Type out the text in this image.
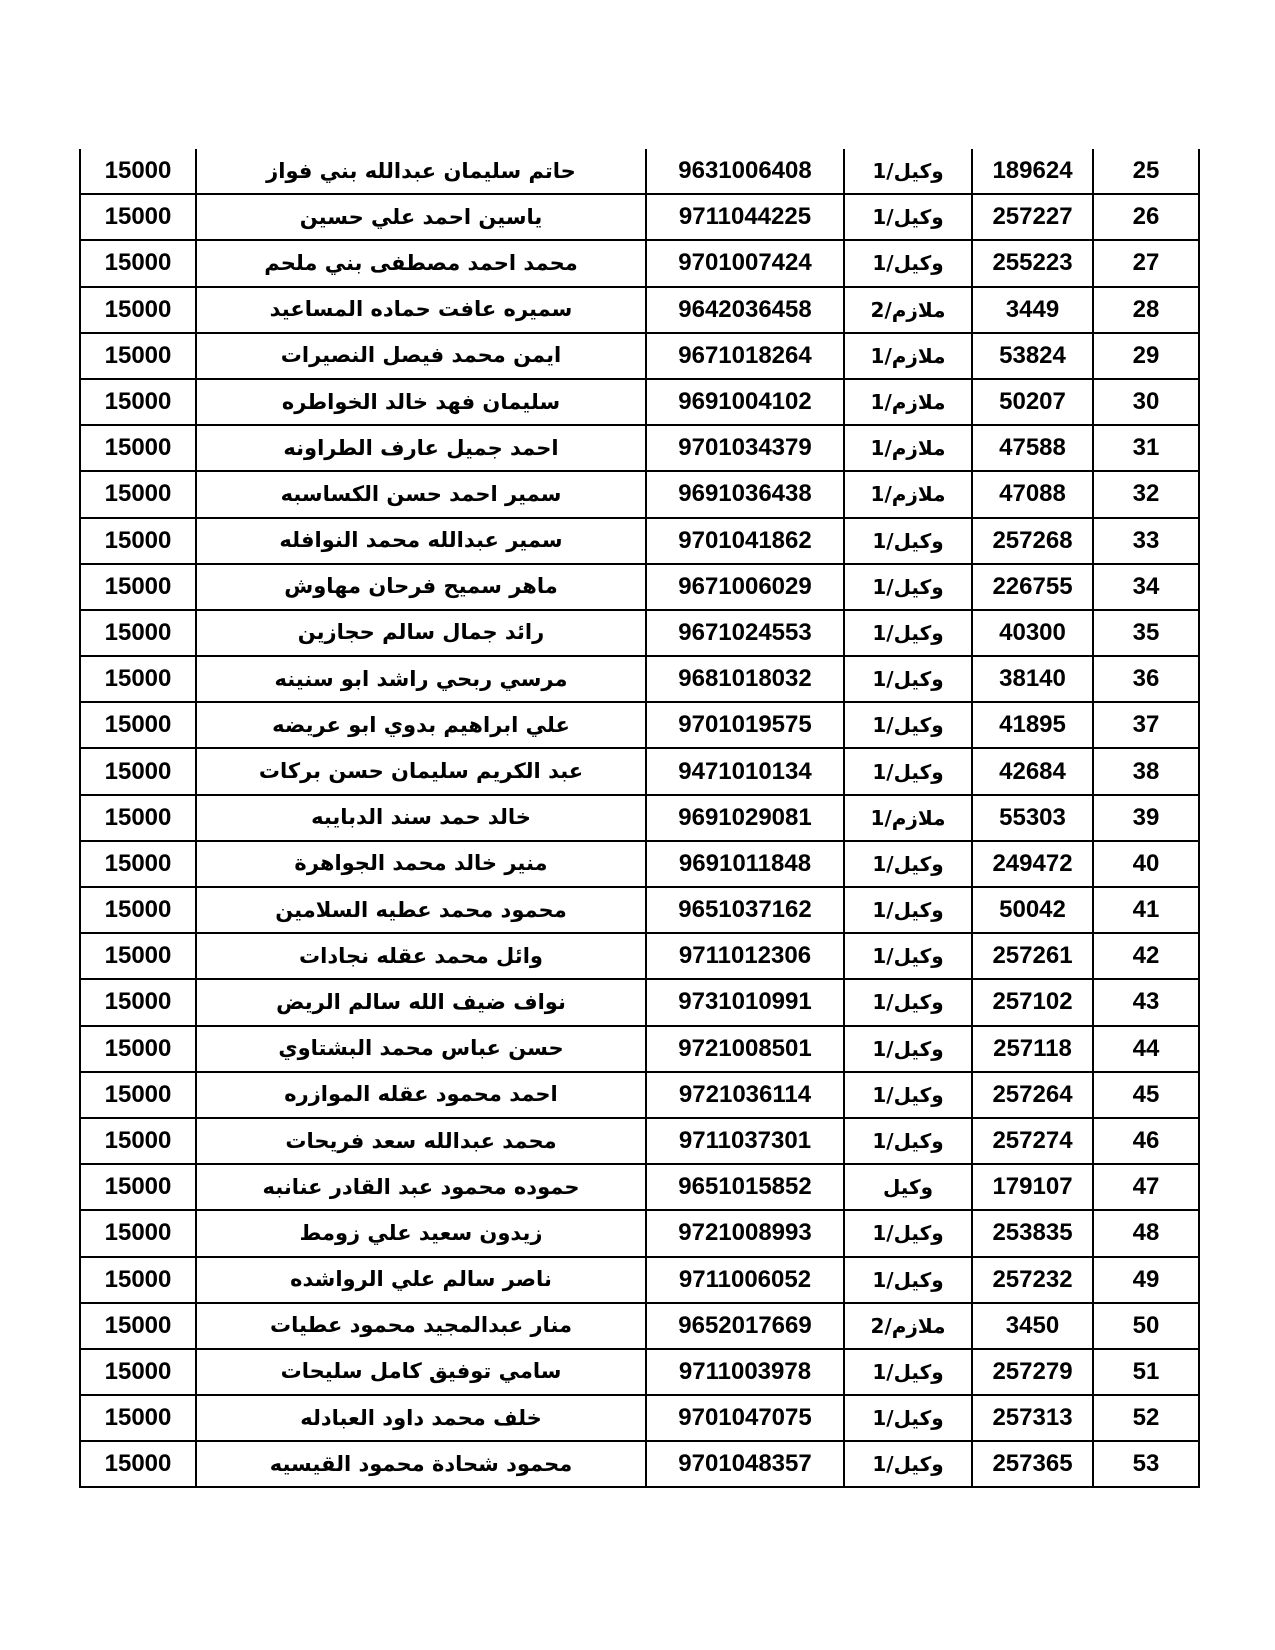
25	189624	وكيل/1	9631006408	حاتم سليمان عبدالله بني فواز	15000
26	257227	وكيل/1	9711044225	ياسين احمد علي حسين	15000
27	255223	وكيل/1	9701007424	محمد احمد مصطفى بني ملحم	15000
28	3449	ملازم/2	9642036458	سميره عافت حماده المساعيد	15000
29	53824	ملازم/1	9671018264	ايمن محمد فيصل النصيرات	15000
30	50207	ملازم/1	9691004102	سليمان فهد خالد الخواطره	15000
31	47588	ملازم/1	9701034379	احمد جميل عارف الطراونه	15000
32	47088	ملازم/1	9691036438	سمير احمد حسن الكساسبه	15000
33	257268	وكيل/1	9701041862	سمير عبدالله محمد النوافله	15000
34	226755	وكيل/1	9671006029	ماهر سميح فرحان مهاوش	15000
35	40300	وكيل/1	9671024553	رائد جمال سالم حجازين	15000
36	38140	وكيل/1	9681018032	مرسي ربحي راشد ابو سنينه	15000
37	41895	وكيل/1	9701019575	علي ابراهيم بدوي ابو عريضه	15000
38	42684	وكيل/1	9471010134	عبد الكريم سليمان حسن بركات	15000
39	55303	ملازم/1	9691029081	خالد حمد سند الدبايبه	15000
40	249472	وكيل/1	9691011848	منير خالد محمد الجواهرة	15000
41	50042	وكيل/1	9651037162	محمود محمد عطيه السلامين	15000
42	257261	وكيل/1	9711012306	وائل محمد عقله نجادات	15000
43	257102	وكيل/1	9731010991	نواف ضيف الله سالم الريض	15000
44	257118	وكيل/1	9721008501	حسن عباس محمد البشتاوي	15000
45	257264	وكيل/1	9721036114	احمد محمود عقله الموازره	15000
46	257274	وكيل/1	9711037301	محمد عبدالله سعد فريحات	15000
47	179107	وكيل	9651015852	حموده محمود عبد القادر عنانبه	15000
48	253835	وكيل/1	9721008993	زيدون سعيد علي زومط	15000
49	257232	وكيل/1	9711006052	ناصر سالم علي الرواشده	15000
50	3450	ملازم/2	9652017669	منار عبدالمجيد محمود عطيات	15000
51	257279	وكيل/1	9711003978	سامي توفيق كامل سليحات	15000
52	257313	وكيل/1	9701047075	خلف محمد داود العبادله	15000
53	257365	وكيل/1	9701048357	محمود شحادة محمود القيسيه	15000
